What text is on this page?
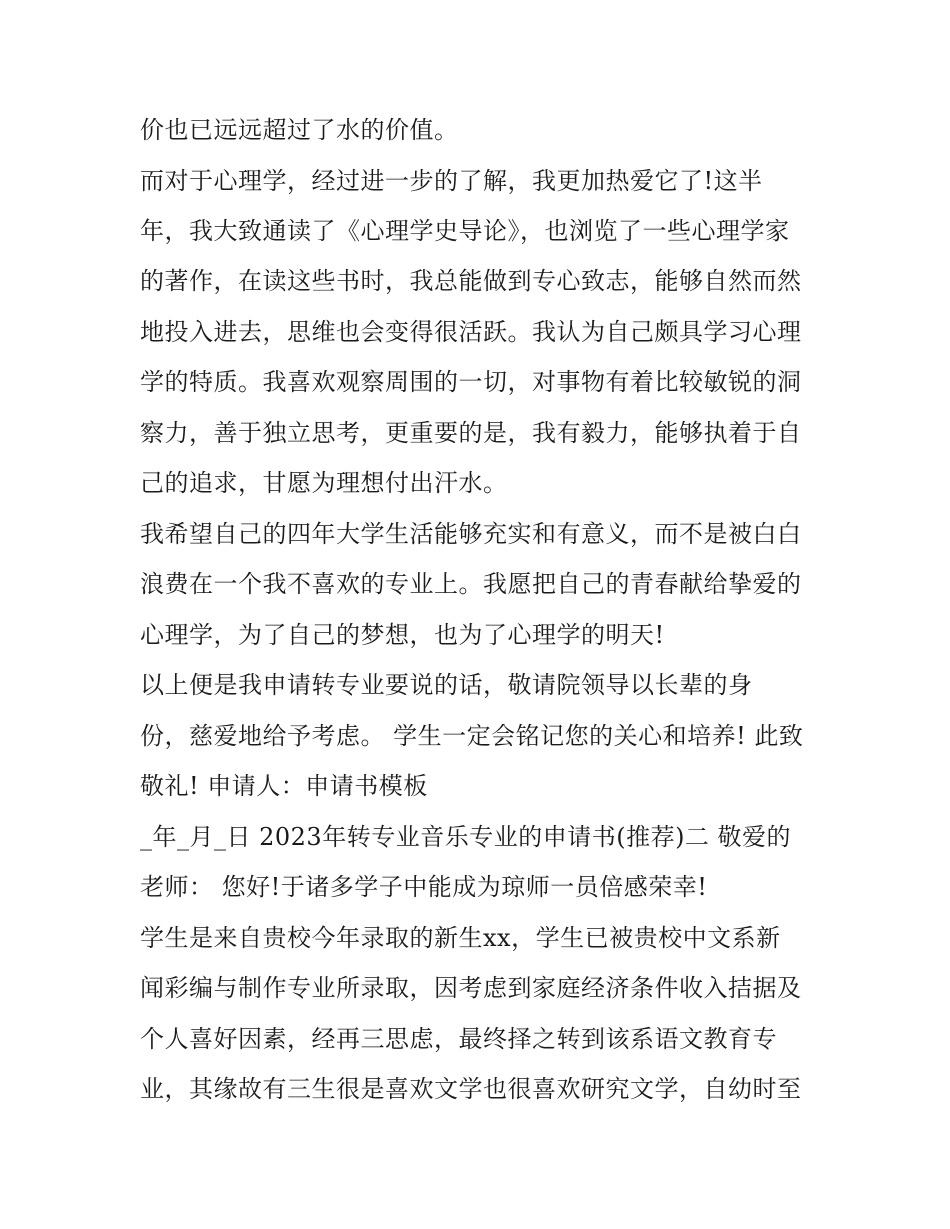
价也已远远超过了水的价值。
而对于心理学，经过进一步的了解，我更加热爱它了!这半
年，我大致通读了《心理学史导论》，也浏览了一些心理学家
的著作，在读这些书时，我总能做到专心致志，能够自然而然
地投入进去，思维也会变得很活跃。我认为自己颇具学习心理
学的特质。我喜欢观察周围的一切，对事物有着比较敏锐的洞
察力，善于独立思考，更重要的是，我有毅力，能够执着于自
己的追求，甘愿为理想付出汗水。
我希望自己的四年大学生活能够充实和有意义，而不是被白白
浪费在一个我不喜欢的专业上。我愿把自己的青春献给挚爱的
心理学，为了自己的梦想，也为了心理学的明天!
以上便是我申请转专业要说的话，敬请院领导以长辈的身
份，慈爱地给予考虑。 学生一定会铭记您的关心和培养! 此致
敬礼! 申请人：申请书模板
_年_月_日 2023年转专业音乐专业的申请书(推荐)二 敬爱的
老师： 您好!于诸多学子中能成为琼师一员倍感荣幸!
学生是来自贵校今年录取的新生xx，学生已被贵校中文系新
闻彩编与制作专业所录取，因考虑到家庭经济条件收入拮据及
个人喜好因素，经再三思虑，最终择之转到该系语文教育专
业，其缘故有三生很是喜欢文学也很喜欢研究文学，自幼时至
